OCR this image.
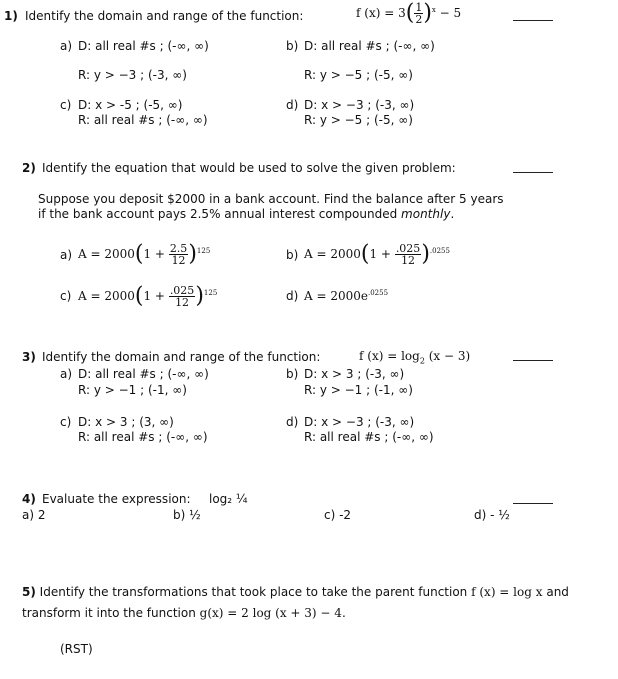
1) Identify the domain and range of the function:	f $(x) = 3( \frac{1}{2} )^x - 5$
a) D: all real #s ; (-∞, ∞)
R: y > −3 ; (-3, ∞)
b) D: all real #s ; (-∞, ∞)
R: y > −5 ; (-5, ∞)
c) D: x > -5 ; (-5, ∞)
R: all real #s ; (-∞, ∞)
d) D: x > −3 ; (-3, ∞)
R: y > −5 ; (-5, ∞)
2) Identify the equation that would be used to solve the given problem:
Suppose you deposit $2000 in a bank account. Find the balance after 5 years
if the bank account pays 2.5% annual interest compounded monthly.
a) $A = 2000(1 + \frac{2.5}{12} )^{125}$	b) $A = 2000(1 + \frac{.025}{12} )^{.0255}$
c) $A = 2000(1 + \frac{.025}{12} )^{125}$	d) $A = 2000e^{.0255}$
3) Identify the domain and range of the function:	f $(x) = \log_2 (x - 3)$
a) D: all real #s ; (-∞, ∞)
R: y > −1 ; (-1, ∞)
b) D: x > 3 ; (-3, ∞)
R: y > −1 ; (-1, ∞)
c) D: x > 3 ; (3, ∞)
R: all real #s ; (-∞, ∞)
d) D: x > −3 ; (-3, ∞)
R: all real #s ; (-∞, ∞)
4) Evaluate the expression: log₂ ¼
a) 2	b) ½	c) -2	d) - ½
5) Identify the transformations that took place to take the parent function f (x) = log x and
transform it into the function g(x) = 2 log (x + 3) − 4.
(RST)
